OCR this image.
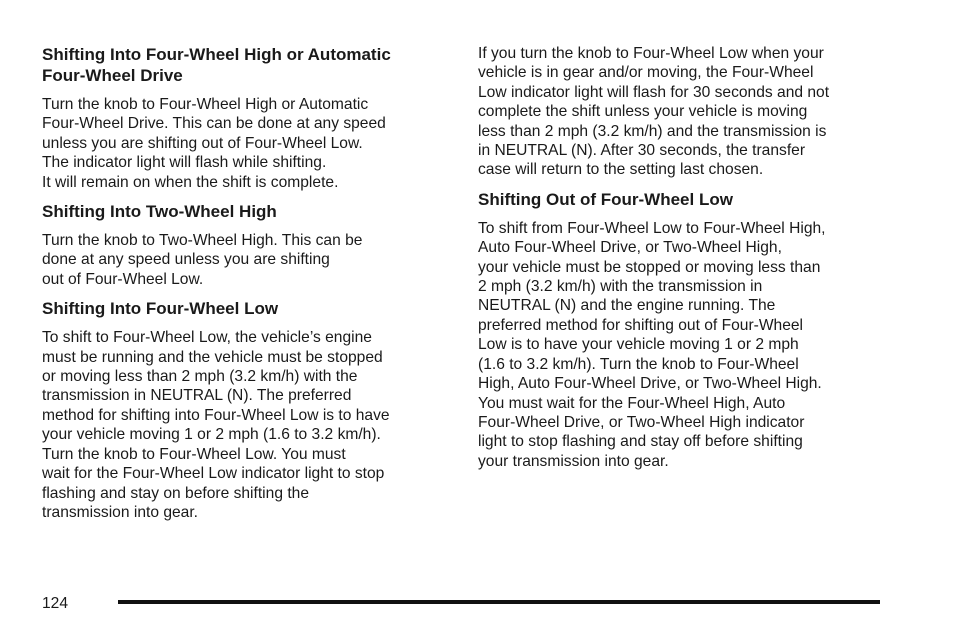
Shifting Into Four-Wheel High or Automatic
Four-Wheel Drive
Turn the knob to Four-Wheel High or Automatic
Four-Wheel Drive. This can be done at any speed
unless you are shifting out of Four-Wheel Low.
The indicator light will flash while shifting.
It will remain on when the shift is complete.
Shifting Into Two-Wheel High
Turn the knob to Two-Wheel High. This can be
done at any speed unless you are shifting
out of Four-Wheel Low.
Shifting Into Four-Wheel Low
To shift to Four-Wheel Low, the vehicle’s engine
must be running and the vehicle must be stopped
or moving less than 2 mph (3.2 km/h) with the
transmission in NEUTRAL (N). The preferred
method for shifting into Four-Wheel Low is to have
your vehicle moving 1 or 2 mph (1.6 to 3.2 km/h).
Turn the knob to Four-Wheel Low. You must
wait for the Four-Wheel Low indicator light to stop
flashing and stay on before shifting the
transmission into gear.
If you turn the knob to Four-Wheel Low when your
vehicle is in gear and/or moving, the Four-Wheel
Low indicator light will flash for 30 seconds and not
complete the shift unless your vehicle is moving
less than 2 mph (3.2 km/h) and the transmission is
in NEUTRAL (N). After 30 seconds, the transfer
case will return to the setting last chosen.
Shifting Out of Four-Wheel Low
To shift from Four-Wheel Low to Four-Wheel High,
Auto Four-Wheel Drive, or Two-Wheel High,
your vehicle must be stopped or moving less than
2 mph (3.2 km/h) with the transmission in
NEUTRAL (N) and the engine running. The
preferred method for shifting out of Four-Wheel
Low is to have your vehicle moving 1 or 2 mph
(1.6 to 3.2 km/h). Turn the knob to Four-Wheel
High, Auto Four-Wheel Drive, or Two-Wheel High.
You must wait for the Four-Wheel High, Auto
Four-Wheel Drive, or Two-Wheel High indicator
light to stop flashing and stay off before shifting
your transmission into gear.
124
